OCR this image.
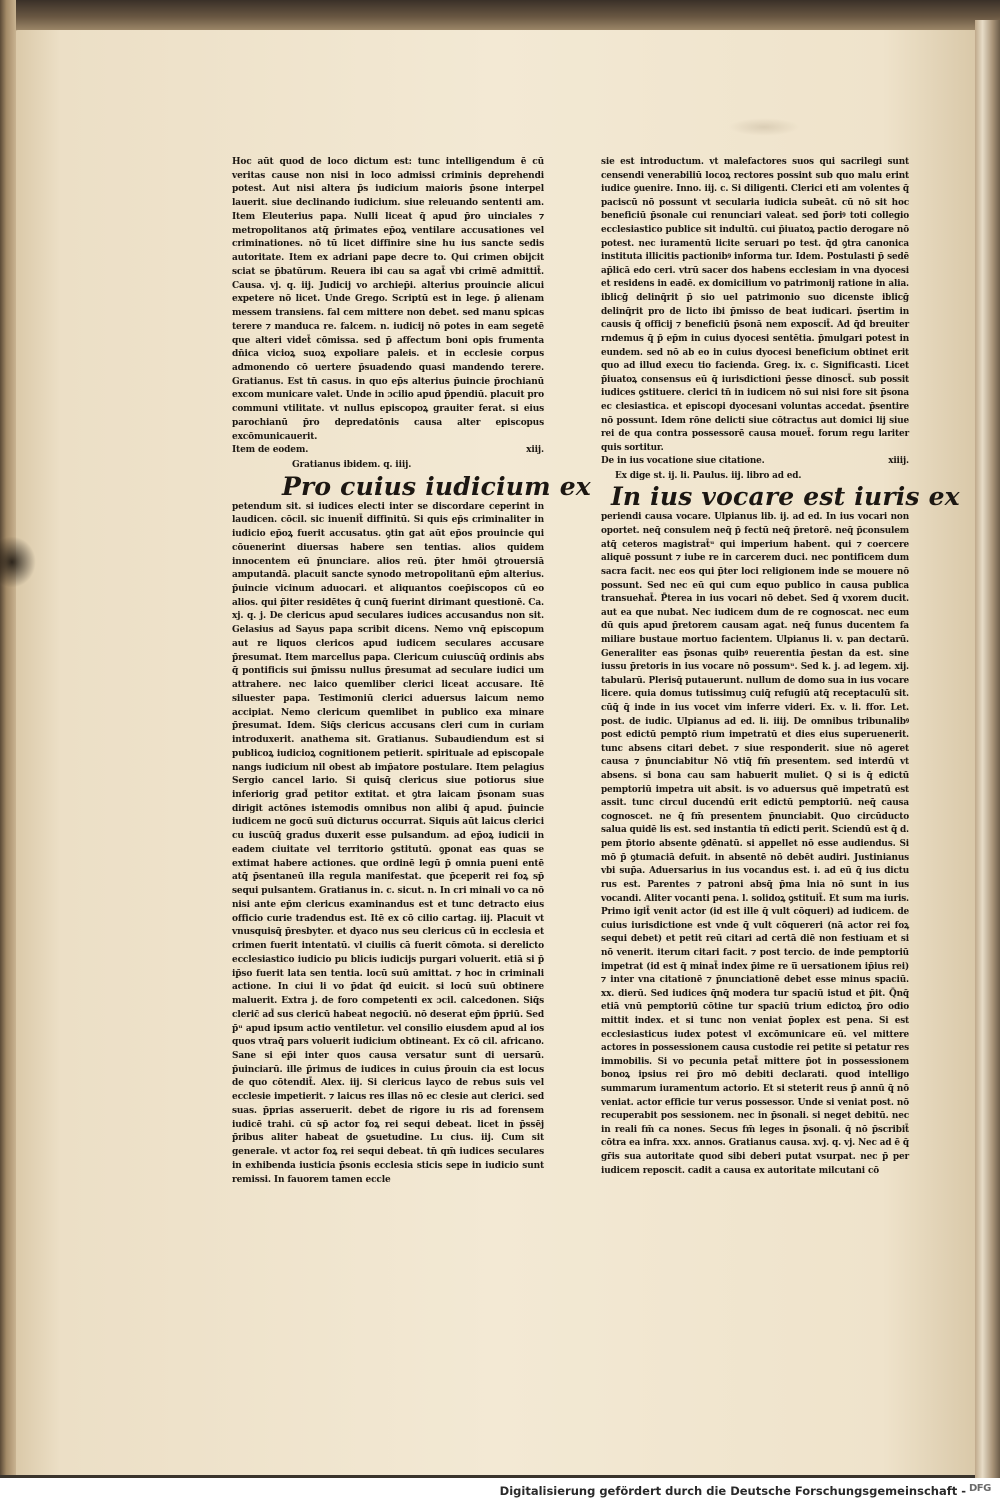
Hoc aūt quod de loco dictum est: tunc intelligendum ē cū veritas cause non nisi in loco admissi criminis deprehendi potest. Aut nisi altera p̄s iudicium maioris p̄sone interpel lauerit. siue declinando iudicium. siue releuando sententi am. Item Eleuterius papa. Nulli liceat q̄ apud p̄ro uinciales ⁊ metropolitanos atq̄ p̄rimates ep̄oꝝ ventilare accusationes vel criminationes. nō tū licet diffinire sine hu ius sancte sedis autoritate. Item ex adriani pape decre to. Qui crimen obijcit sciat se p̄batūrum. Reuera ibi cau sa agat̄ vbi crimē admittit̄. Causa. vj. q. iij. Judicij vo archiep̄i. alterius prouincie alicui expetere nō licet. Unde Grego. Scriptū est in lege. p̄ alienam messem transiens. fal cem mittere non debet. sed manu spicas terere ⁊ manduca re. falcem. n. iudicij nō potes in eam segetē que alteri videt̄ cōmissa. sed p̄ affectum boni opis frumenta dn̄ica vicioꝝ suoꝝ expoliare paleis. et in ecclesie corpus admonendo cō uertere p̄suadendo quasi mandendo terere. Gratianus. Est tn̄ casus. in quo ep̄s alterius p̄uincie p̄rochianū excom municare valet. Unde in ɔcilio apud p̄pendiū. placuit pro communi vtilitate. vt nullus episcopoꝝ grauiter ferat. si eius parochianū p̄ro depredatōnis causa alter episcopus excōmunicauerit.

Item de eodem.	xiij.

Gratianus ibidem. q. iiij.

Pro cuius iudicium ex

petendum sit. si iudices electi inter se discordare ceperint in laudicen. cōcil. sic inuenit̄ diffinitū. Si quis ep̄s criminaliter in iudicio ep̄oꝝ fuerit accusatus. ꝯtin gat aūt ep̄os prouincie qui cōuenerint diuersas habere sen tentias. alios quidem innocentem eū p̄nunciare. alios reū. p̄ter hmōi ꝯtrouersiā amputandā. placuit sancte synodo metropolitanū ep̄m alterius. p̄uincie vicinum aduocari. et aliquantos coep̄iscopos cū eo alios. qui p̄iter residētes q̄ cunq̄ fuerint dirimant questionē. Ca. xj. q. j. De clericus apud seculares iudices accusandus non sit. Gelasius ad Sayus papa scribit dicens. Nemo vnq̄ episcopum aut re liquos clericos apud iudicem seculares accusare p̄resumat. Item marcellus papa. Clericum cuiuscūq̄ ordinis abs q̄ pontificis sui p̄missu nullus p̄resumat ad seculare iudici um attrahere. nec laico quemliber clerici liceat accusare. Itē siluester papa. Testimoniū clerici aduersus laicum nemo accipiat. Nemo clericum quemlibet in publico exa minare p̄resumat. Idem. Siq̄s clericus accusans cleri cum in curiam introduxerit. anathema sit. Gratianus. Subaudiendum est si publicoꝝ iudicioꝝ cognitionem petierit. spirituale ad episcopale nangs iudicium nil obest ab imp̄atore postulare. Item pelagius Sergio cancel lario. Si quisq̄ clericus siue potiorus siue inferiorig grad̄ petitor extitat. et ꝯtra laicam p̄sonam suas dirigit actōnes istemodis omnibus non alibi q̄ apud. p̄uincie iudicem ne gocū suū dicturus occurrat. Siquis aūt laicus clerici cu iuscūq̄ gradus duxerit esse pulsandum. ad ep̄oꝝ iudicii in eadem ciuitate vel territorio ꝯstitutū. ꝯponat eas quas se extimat habere actiones. que ordinē legū p̄ omnia pueni entē atq̄ p̄sentaneū illa regula manifestat. que p̄ceperit rei foꝝ sp̄ sequi pulsantem. Gratianus in. c. sicut. n. In cri minali vo ca nō nisi ante ep̄m clericus examinandus est et tunc detracto eius officio curie tradendus est. Itē ex cō cilio cartag. iij. Placuit vt vnusquisq̄ p̄resbyter. et dyaco nus seu clericus cū in ecclesia et crimen fuerit intentatū. vl ciuilis cā fuerit cōmota. si derelicto ecclesiastico iudicio pu blicis iudicijs purgari voluerit. etiā si p̄ ip̄so fuerit lata sen tentia. locū suū amittat. ⁊ hoc in criminali actione. In ciui li vo p̄dat q̄d euicit. si locū suū obtinere maluerit. Extra j. de foro competenti ex ɔcil. calcedonen. Siq̄s cleric̄ ad̄ sus clericū habeat negociū. nō deserat ep̄m p̄priū. Sed p̄ᵘ apud ipsum actio ventiletur. vel consilio eiusdem apud al ios quos vtraq̄ pars voluerit iudicium obtineant. Ex cō cil. africano. Sane si ep̄i inter quos causa versatur sunt di uersarū. p̄uinciarū. ille p̄rimus de iudices in cuius p̄rouin cia est locus de quo cōtendit̄. Alex. iij. Si clericus layco de rebus suis vel ecclesie impetierit. ⁊ laicus res illas nō ec clesie aut clerici. sed suas. p̄prias asseruerit. debet de rigore iu ris ad forensem iudicē trahi. cū sp̄ actor foꝝ rei sequi debeat. licet in p̄ssēj p̄ribus aliter habeat de ꝯsuetudine. Lu cius. iij. Cum sit generale. vt actor foꝝ rei sequi debeat. tn̄ qm̄ iudices seculares in exhibenda iusticia p̄sonis ecclesia sticis sepe in iudicio sunt remissi. In fauorem tamen eccle

sie est introductum. vt malefactores suos qui sacrilegi sunt censendi venerabiliū locoꝝ rectores possint sub quo malu erint iudice ꝯuenire. Inno. iij. c. Si diligenti. Clerici eti am volentes q̄ paciscū nō possunt vt secularia iudicia subeāt. cū nō sit hoc beneficiū p̄sonale cui renunciari valeat. sed p̄oriꝰ toti collegio ecclesiastico publice sit indultū. cui p̄iuatoꝝ pactio derogare nō potest. nec iuramentū licite seruari po test. q̄d ꝯtra canonica instituta illicitis pactionibꝰ informa tur. Idem. Postulasti p̄ sedē ap̄licā edo ceri. vtrū sacer dos habens ecclesiam in vna dyocesi et residens in eadē. ex domicilium vo patrimonij ratione in alia. iblicḡ delinq̄rit p̄ sio uel patrimonio suo dicenste iblicḡ delinq̄rit pro de licto ibi p̄misso de beat iudicari. p̄sertim in causis q̄ officij ⁊ beneficiū p̄sonā nem exposcit̄. Ad q̄d breuiter rndemus q̄ p̄ ep̄m in cuius dyocesi sentētia. p̄mulgari potest in eundem. sed nō ab eo in cuius dyocesi beneficium obtinet erit quo ad illud execu tio facienda. Greg. ix. c. Significasti. Licet p̄iuatoꝝ consensus eū q̄ iurisdictioni p̄esse dinosct̄. sub possit iudices ꝯstituere. clerici tn̄ in iudicem nō sui nisi fore sit p̄sona ec clesiastica. et episcopi dyocesani voluntas accedat. p̄sentire nō possunt. Idem rōne delicti siue cōtractus aut domici lij siue rei de qua contra possessorē causa mouet̄. forum regu lariter quis sortitur.

De in ius vocatione siue citatione.	xiiij.

Ex dige st. ij. li. Paulus. iij. libro ad ed.

In ius vocare est iuris ex

periendi causa vocare. Ulpianus lib. ij. ad ed. In ius vocari non oportet. neq̄ consulem neq̄ p̄ fectū neq̄ p̄retorē. neq̄ p̄consulem atq̄ ceteros magistrat̄ᵘ qui imperium habent. qui ⁊ coercere aliquē possunt ⁊ iube re in carcerem duci. nec pontificem dum sacra facit. nec eos qui p̄ter loci religionem inde se mouere nō possunt. Sed nec eū qui cum equo publico in causa publica transuehat̄. P̄terea in ius vocari nō debet. Sed q̄ vxorem ducit. aut ea que nubat. Nec iudicem dum de re cognoscat. nec eum dū quis apud p̄retorem causam agat. neq̄ funus ducentem fa miliare bustaue mortuo facientem. Ulpianus li. v. pan dectarū. Generaliter eas p̄sonas quibꝰ reuerentia p̄estan da est. sine iussu p̄retoris in ius vocare nō possumᵘ. Sed k. j. ad legem. xij. tabularū. Plerisq̄ putauerunt. nullum de domo sua in ius vocare licere. quia domus tutissimuꝫ cuiq̄ refugiū atq̄ receptaculū sit. cūq̄ q̄ inde in ius vocet vim inferre videri. Ex. v. li. ffor. Let. post. de iudic. Ulpianus ad ed. li. iiij. De omnibus tribunalibꝰ post edictū pemptō rium impetratū et dies eius superuenerit. tunc absens citari debet. ⁊ siue responderit. siue nō ageret causa ⁊ p̄nunciabitur Nō vtiq̄ fm̄ presentem. sed interdū vt absens. si bona cau sam habuerit muliet. Q si is q̄ edictū pemptoriū impetra uit absit. is vo aduersus quē impetratū est assit. tunc circul ducendū erit edictū pemptoriū. neq̄ causa cognoscet. ne q̄ fm̄ presentem p̄nunciabit. Quo circūducto salua quidē lis est. sed instantia tn̄ edicti perit. Sciendū est q̄ d. pem p̄torio absente ꝯdēnatū. si appellet nō esse audiendus. Si mō p̄ ꝯtumaciā defuit. in absentē nō debēt audiri. Justinianus vbi sup̄a. Aduersarius in ius vocandus est. i. ad eū q̄ ius dictu rus est. Parentes ⁊ patroni absq̄ p̄ma lnia nō sunt in ius vocandi. Aliter vocanti pena. l. solidoꝝ ꝯstituit̄. Et sum ma iuris. Primo igit̄ venit actor (id est ille q̄ vult cōqueri) ad iudicem. de cuius iurisdictione est vnde q̄ vult cōquereri (nā actor rei foꝝ sequi debet) et petit reū citari ad certā diē non festiuam et si nō venerit. iterum citari facit. ⁊ post tercio. de inde pemptoriū impetrat (id est q̄ minat̄ index p̄ime re u̅ uersationem ip̄ius rei) ⁊ inter vna citationē ⁊ p̄nunciationē debet esse minus spaciū. xx. dierū. Sed iudices q̄nq̄ modera tur spaciū istud et p̄it. Q̄nq̄ etiā vnū pemptoriū cōtine tur spaciū trium edictoꝝ p̄ro odio mittit index. et si tunc non veniat p̄oplex est pena. Si est ecclesiasticus iudex potest vl excōmunicare eū. vel mittere actores in possessionem causa custodie rei petite si petatur res immobilis. Si vo pecunia petat̄ mittere p̄ot in possessionem bonoꝝ ipsius rei p̄ro mō debiti declarati. quod intelligo summarum iuramentum actorio. Et si steterit reus p̄ annū q̄ nō veniat. actor efficie tur verus possessor. Unde si veniat post. nō recuperabit pos sessionem. nec in p̄sonali. si neget debitū. nec in reali fm̄ ca nones. Secus fm̄ leges in p̄sonali. q̄ nō p̄scribit̄ cōtra ea infra. xxx. annos. Gratianus causa. xvj. q. vj. Nec ad ē q̄ gr̄is sua autoritate quod sibi deberi putat vsurpat. nec p̄ per iudicem reposcit. cadit a causa ex autoritate milcutani cō

Digitalisierung gefördert durch die Deutsche Forschungsgemeinschaft - DFG
